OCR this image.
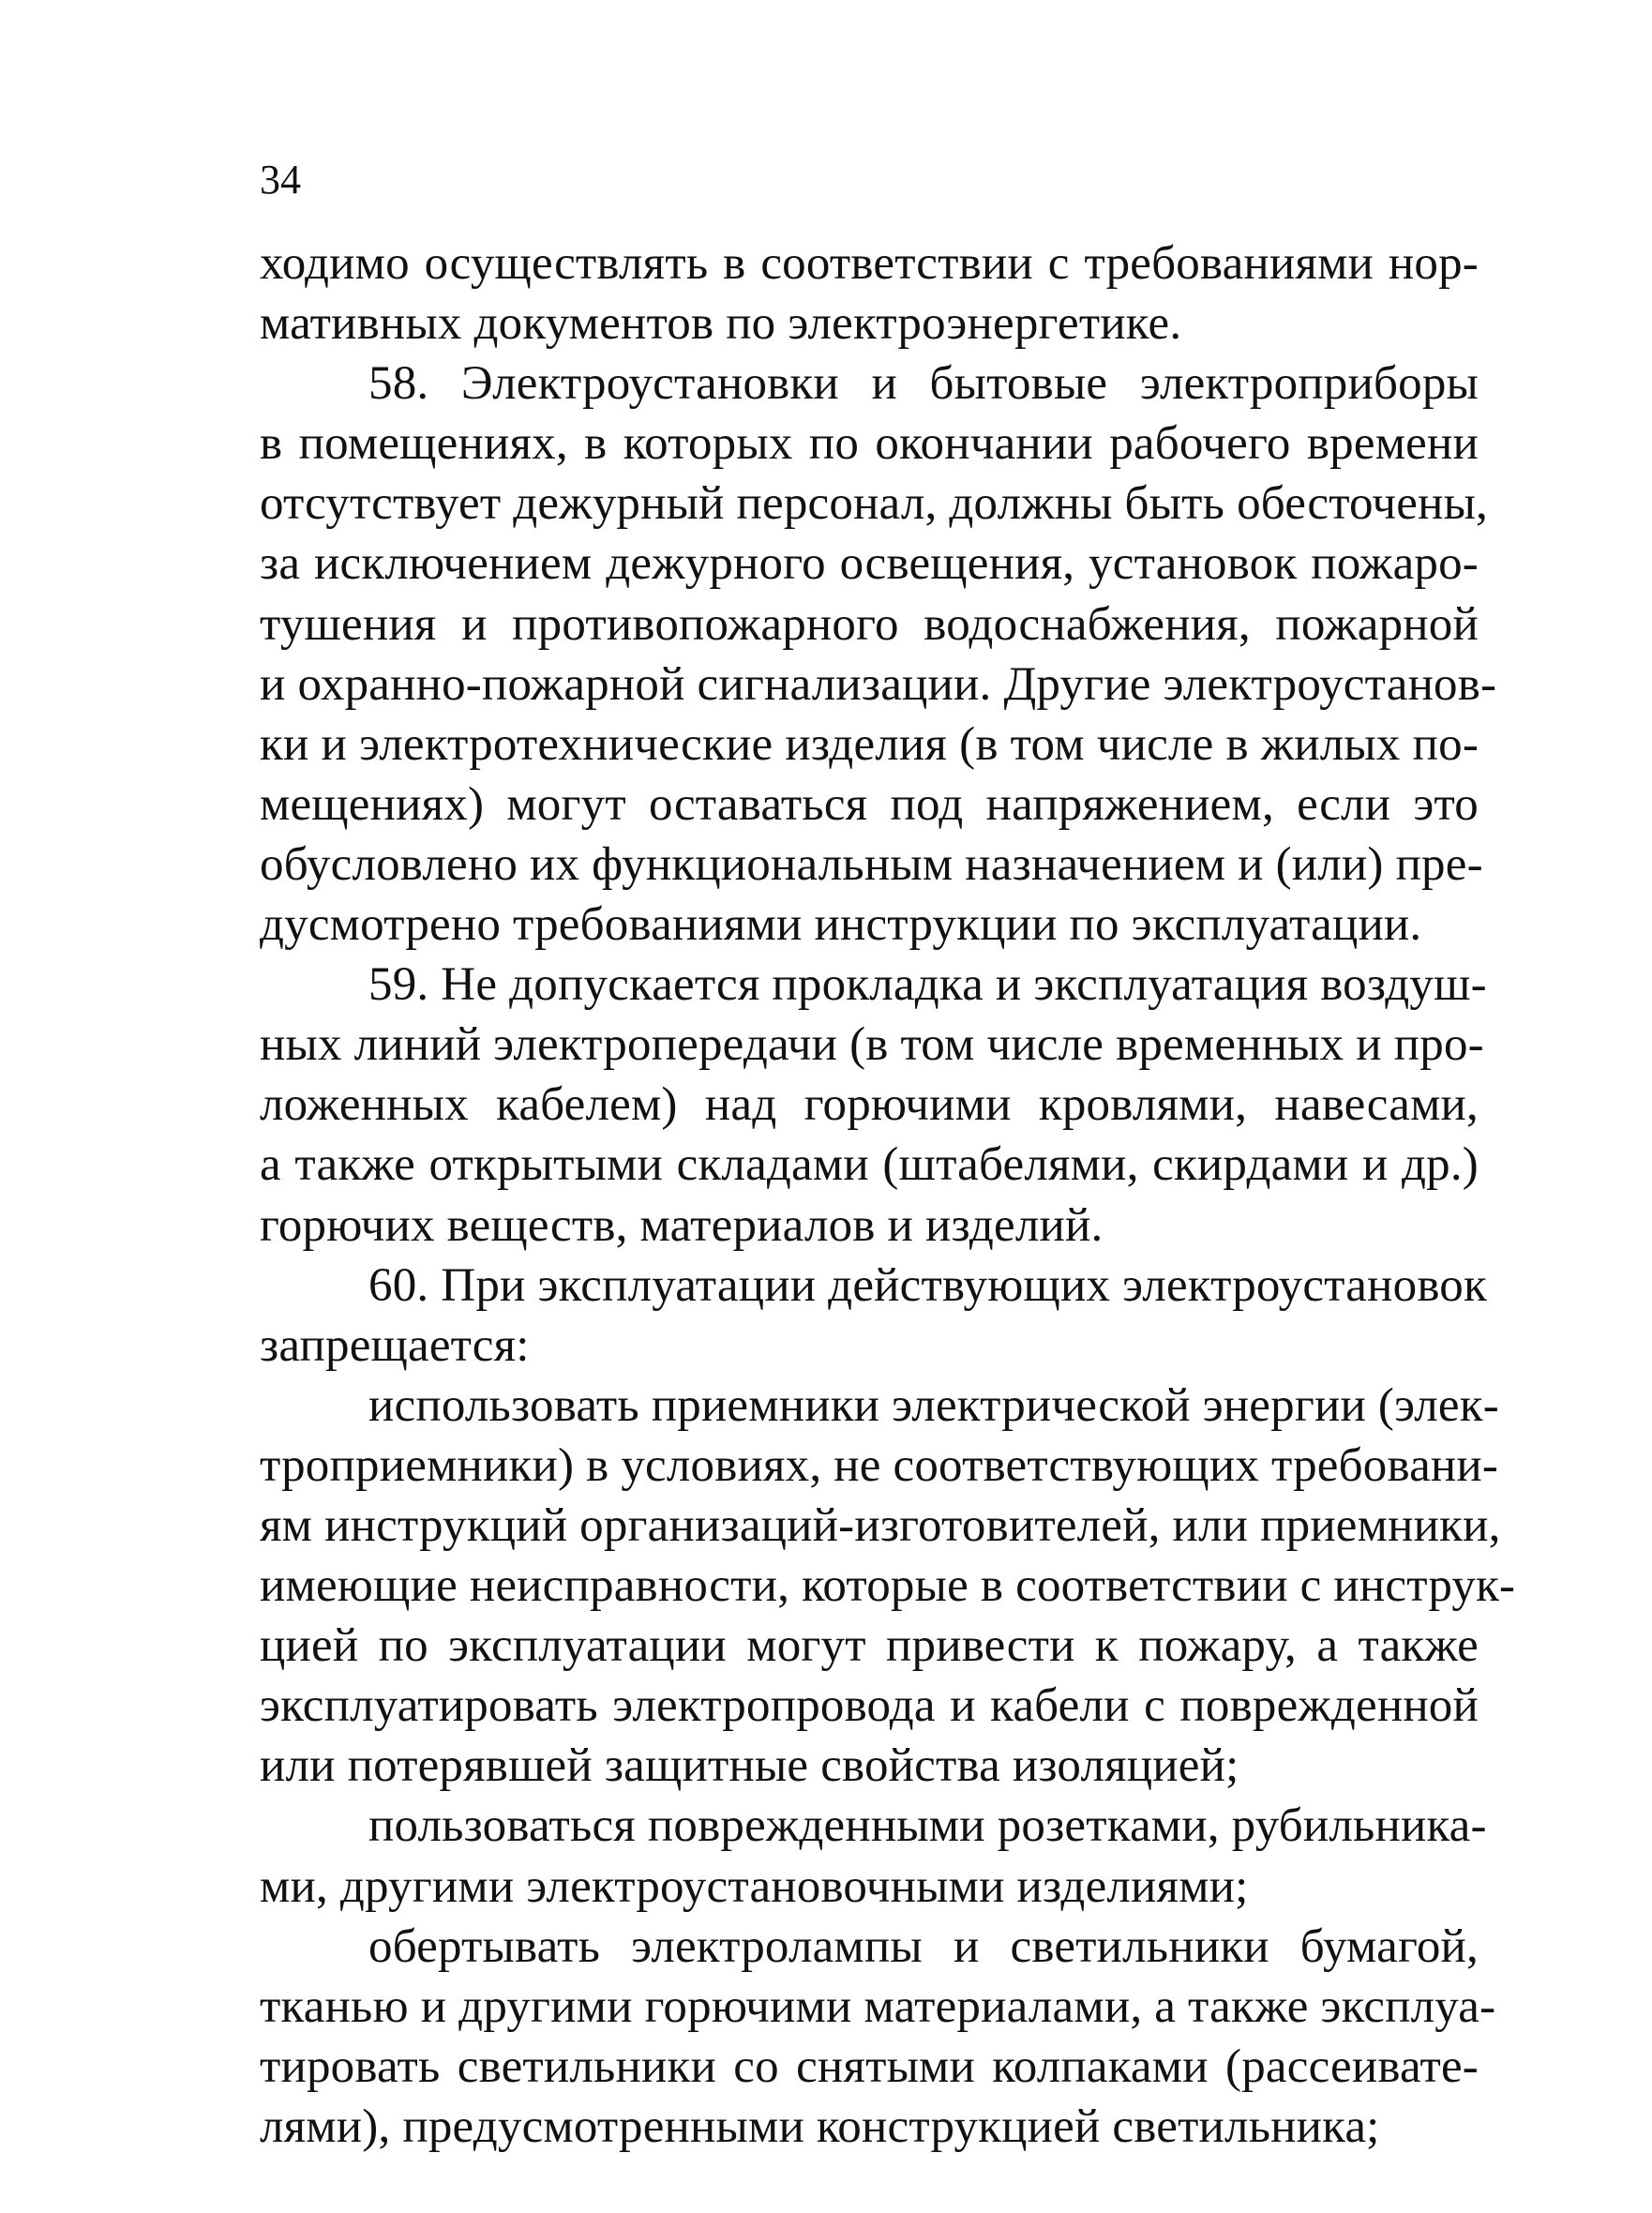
34
ходимо осуществлять в соответствии с требованиями нор-
мативных документов по электроэнергетике.
58. Электроустановки и бытовые электроприборы
в помещениях, в которых по окончании рабочего времени
отсутствует дежурный персонал, должны быть обесточены,
за исключением дежурного освещения, установок пожаро-
тушения и противопожарного водоснабжения, пожарной
и охранно-пожарной сигнализации. Другие электроустанов-
ки и электротехнические изделия (в том числе в жилых по-
мещениях) могут оставаться под напряжением, если это
обусловлено их функциональным назначением и (или) пре-
дусмотрено требованиями инструкции по эксплуатации.
59. Не допускается прокладка и эксплуатация воздуш-
ных линий электропередачи (в том числе временных и про-
ложенных кабелем) над горючими кровлями, навесами,
а также открытыми складами (штабелями, скирдами и др.)
горючих веществ, материалов и изделий.
60. При эксплуатации действующих электроустановок
запрещается:
использовать приемники электрической энергии (элек-
троприемники) в условиях, не соответствующих требовани-
ям инструкций организаций-изготовителей, или приемники,
имеющие неисправности, которые в соответствии с инструк-
цией по эксплуатации могут привести к пожару, а также
эксплуатировать электропровода и кабели с поврежденной
или потерявшей защитные свойства изоляцией;
пользоваться поврежденными розетками, рубильника-
ми, другими электроустановочными изделиями;
обертывать электролампы и светильники бумагой,
тканью и другими горючими материалами, а также эксплуа-
тировать светильники со снятыми колпаками (рассеивате-
лями), предусмотренными конструкцией светильника;
